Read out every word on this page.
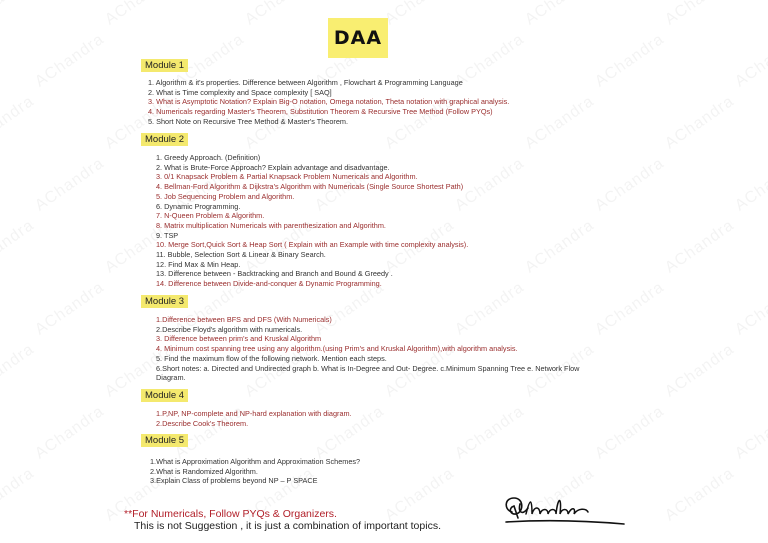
DAA
Module 1
1. Algorithm & it's properties. Difference between Algorithm , Flowchart & Programming Language
2. What is Time complexity and Space complexity [ SAQ]
3. What is Asymptotic Notation? Explain Big-O notation, Omega notation, Theta notation with graphical analysis.
4. Numericals regarding Master's Theorem, Substitution Theorem & Recursive Tree Method (Follow PYQs)
5. Short Note on Recursive Tree Method & Master's Theorem.
Module 2
1. Greedy Approach. (Definition)
2. What is Brute-Force Approach? Explain advantage and disadvantage.
3. 0/1 Knapsack Problem & Partial Knapsack Problem Numericals and Algorithm.
4. Bellman-Ford Algorithm & Dijkstra's Algorithm with Numericals (Single Source Shortest Path)
5. Job Sequencing Problem and Algorithm.
6. Dynamic Programming.
7. N-Queen Problem & Algorithm.
8. Matrix multiplication Numericals with parenthesization and Algorithm.
9. TSP
10. Merge Sort,Quick Sort & Heap Sort ( Explain with an Example with time complexity analysis).
11. Bubble, Selection Sort & Linear & Binary Search.
12. Find Max & Min Heap.
13. Difference between - Backtracking and Branch and Bound & Greedy .
14. Difference between Divide-and-conquer & Dynamic Programming.
Module 3
1.Difference between BFS and DFS (With Numericals)
2.Describe Floyd's algorithm with numericals.
3. Difference between prim's and Kruskal Algorithm
4. Minimum cost spanning tree using any algorithm.(using Prim's and Kruskal Algorithm),with algorithm analysis.
5. Find the maximum flow of the following network. Mention each steps.
6.Short notes: a. Directed and Undirected graph b. What is In-Degree and Out- Degree. c.Minimum Spanning Tree e. Network Flow
Diagram.
Module 4
1.P,NP, NP-complete and NP-hard explanation with diagram.
2.Describe Cook's Theorem.
Module 5
1.What is Approximation Algorithm and Approximation Schemes?
2.What is Randomized Algorithm.
3.Explain Class of problems beyond NP – P SPACE
**For Numericals, Follow PYQs & Organizers.
This is not Suggestion , it is just a combination of important topics.
